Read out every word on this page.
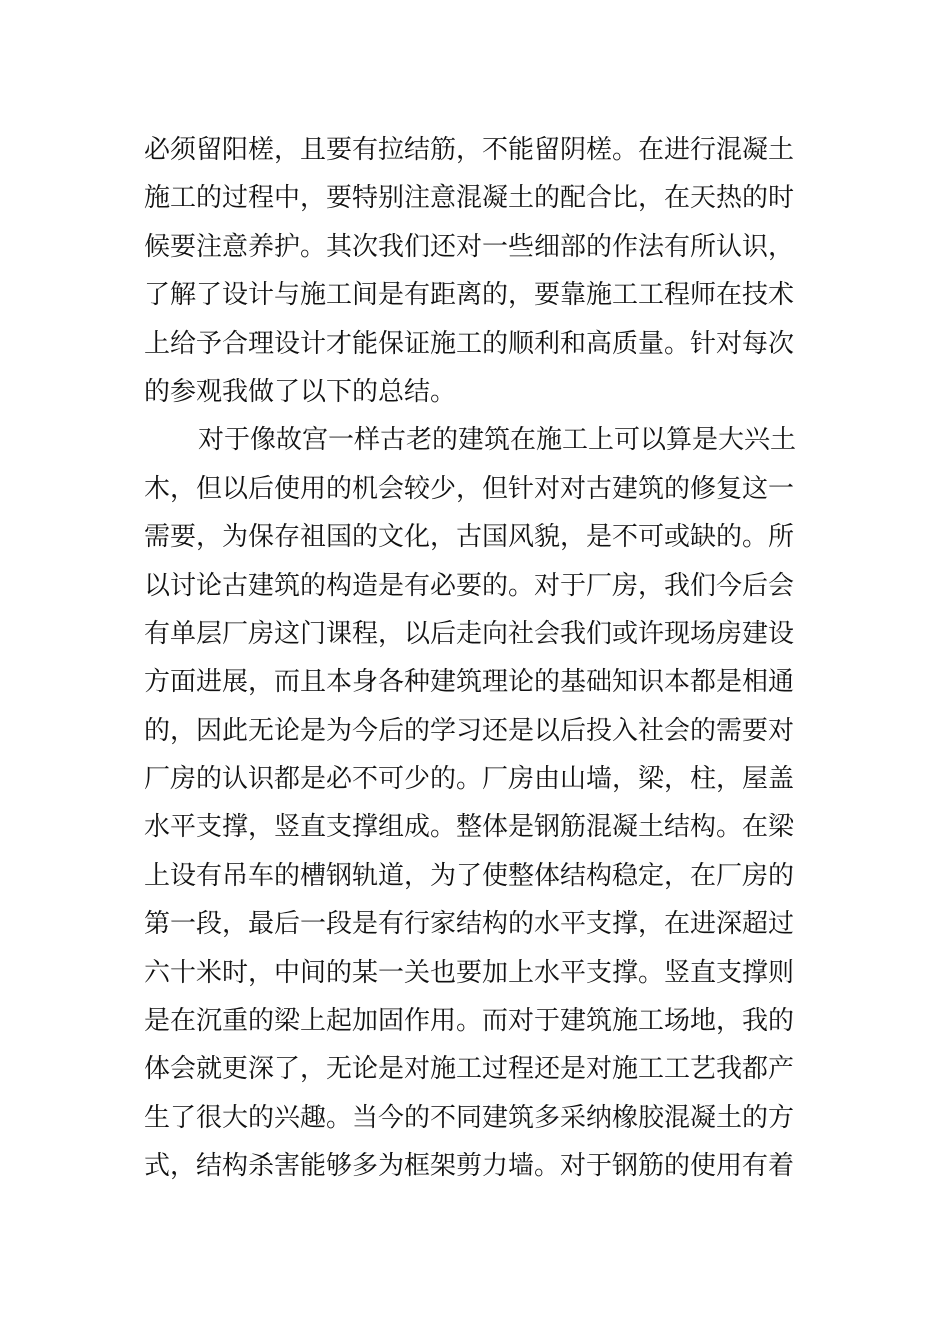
必须留阳槎，且要有拉结筋，不能留阴槎。在进行混凝土
施工的过程中，要特别注意混凝土的配合比，在天热的时
候要注意养护。其次我们还对一些细部的作法有所认识，
了解了设计与施工间是有距离的，要靠施工工程师在技术
上给予合理设计才能保证施工的顺利和高质量。针对每次
的参观我做了以下的总结。
对于像故宫一样古老的建筑在施工上可以算是大兴土
木，但以后使用的机会较少，但针对对古建筑的修复这一
需要，为保存祖国的文化，古国风貌，是不可或缺的。所
以讨论古建筑的构造是有必要的。对于厂房，我们今后会
有单层厂房这门课程，以后走向社会我们或许现场房建设
方面进展，而且本身各种建筑理论的基础知识本都是相通
的，因此无论是为今后的学习还是以后投入社会的需要对
厂房的认识都是必不可少的。厂房由山墙，梁，柱，屋盖
水平支撑，竖直支撑组成。整体是钢筋混凝土结构。在梁
上设有吊车的槽钢轨道，为了使整体结构稳定，在厂房的
第一段，最后一段是有行家结构的水平支撑，在进深超过
六十米时，中间的某一关也要加上水平支撑。竖直支撑则
是在沉重的梁上起加固作用。而对于建筑施工场地，我的
体会就更深了，无论是对施工过程还是对施工工艺我都产
生了很大的兴趣。当今的不同建筑多采纳橡胶混凝土的方
式，结构杀害能够多为框架剪力墙。对于钢筋的使用有着
